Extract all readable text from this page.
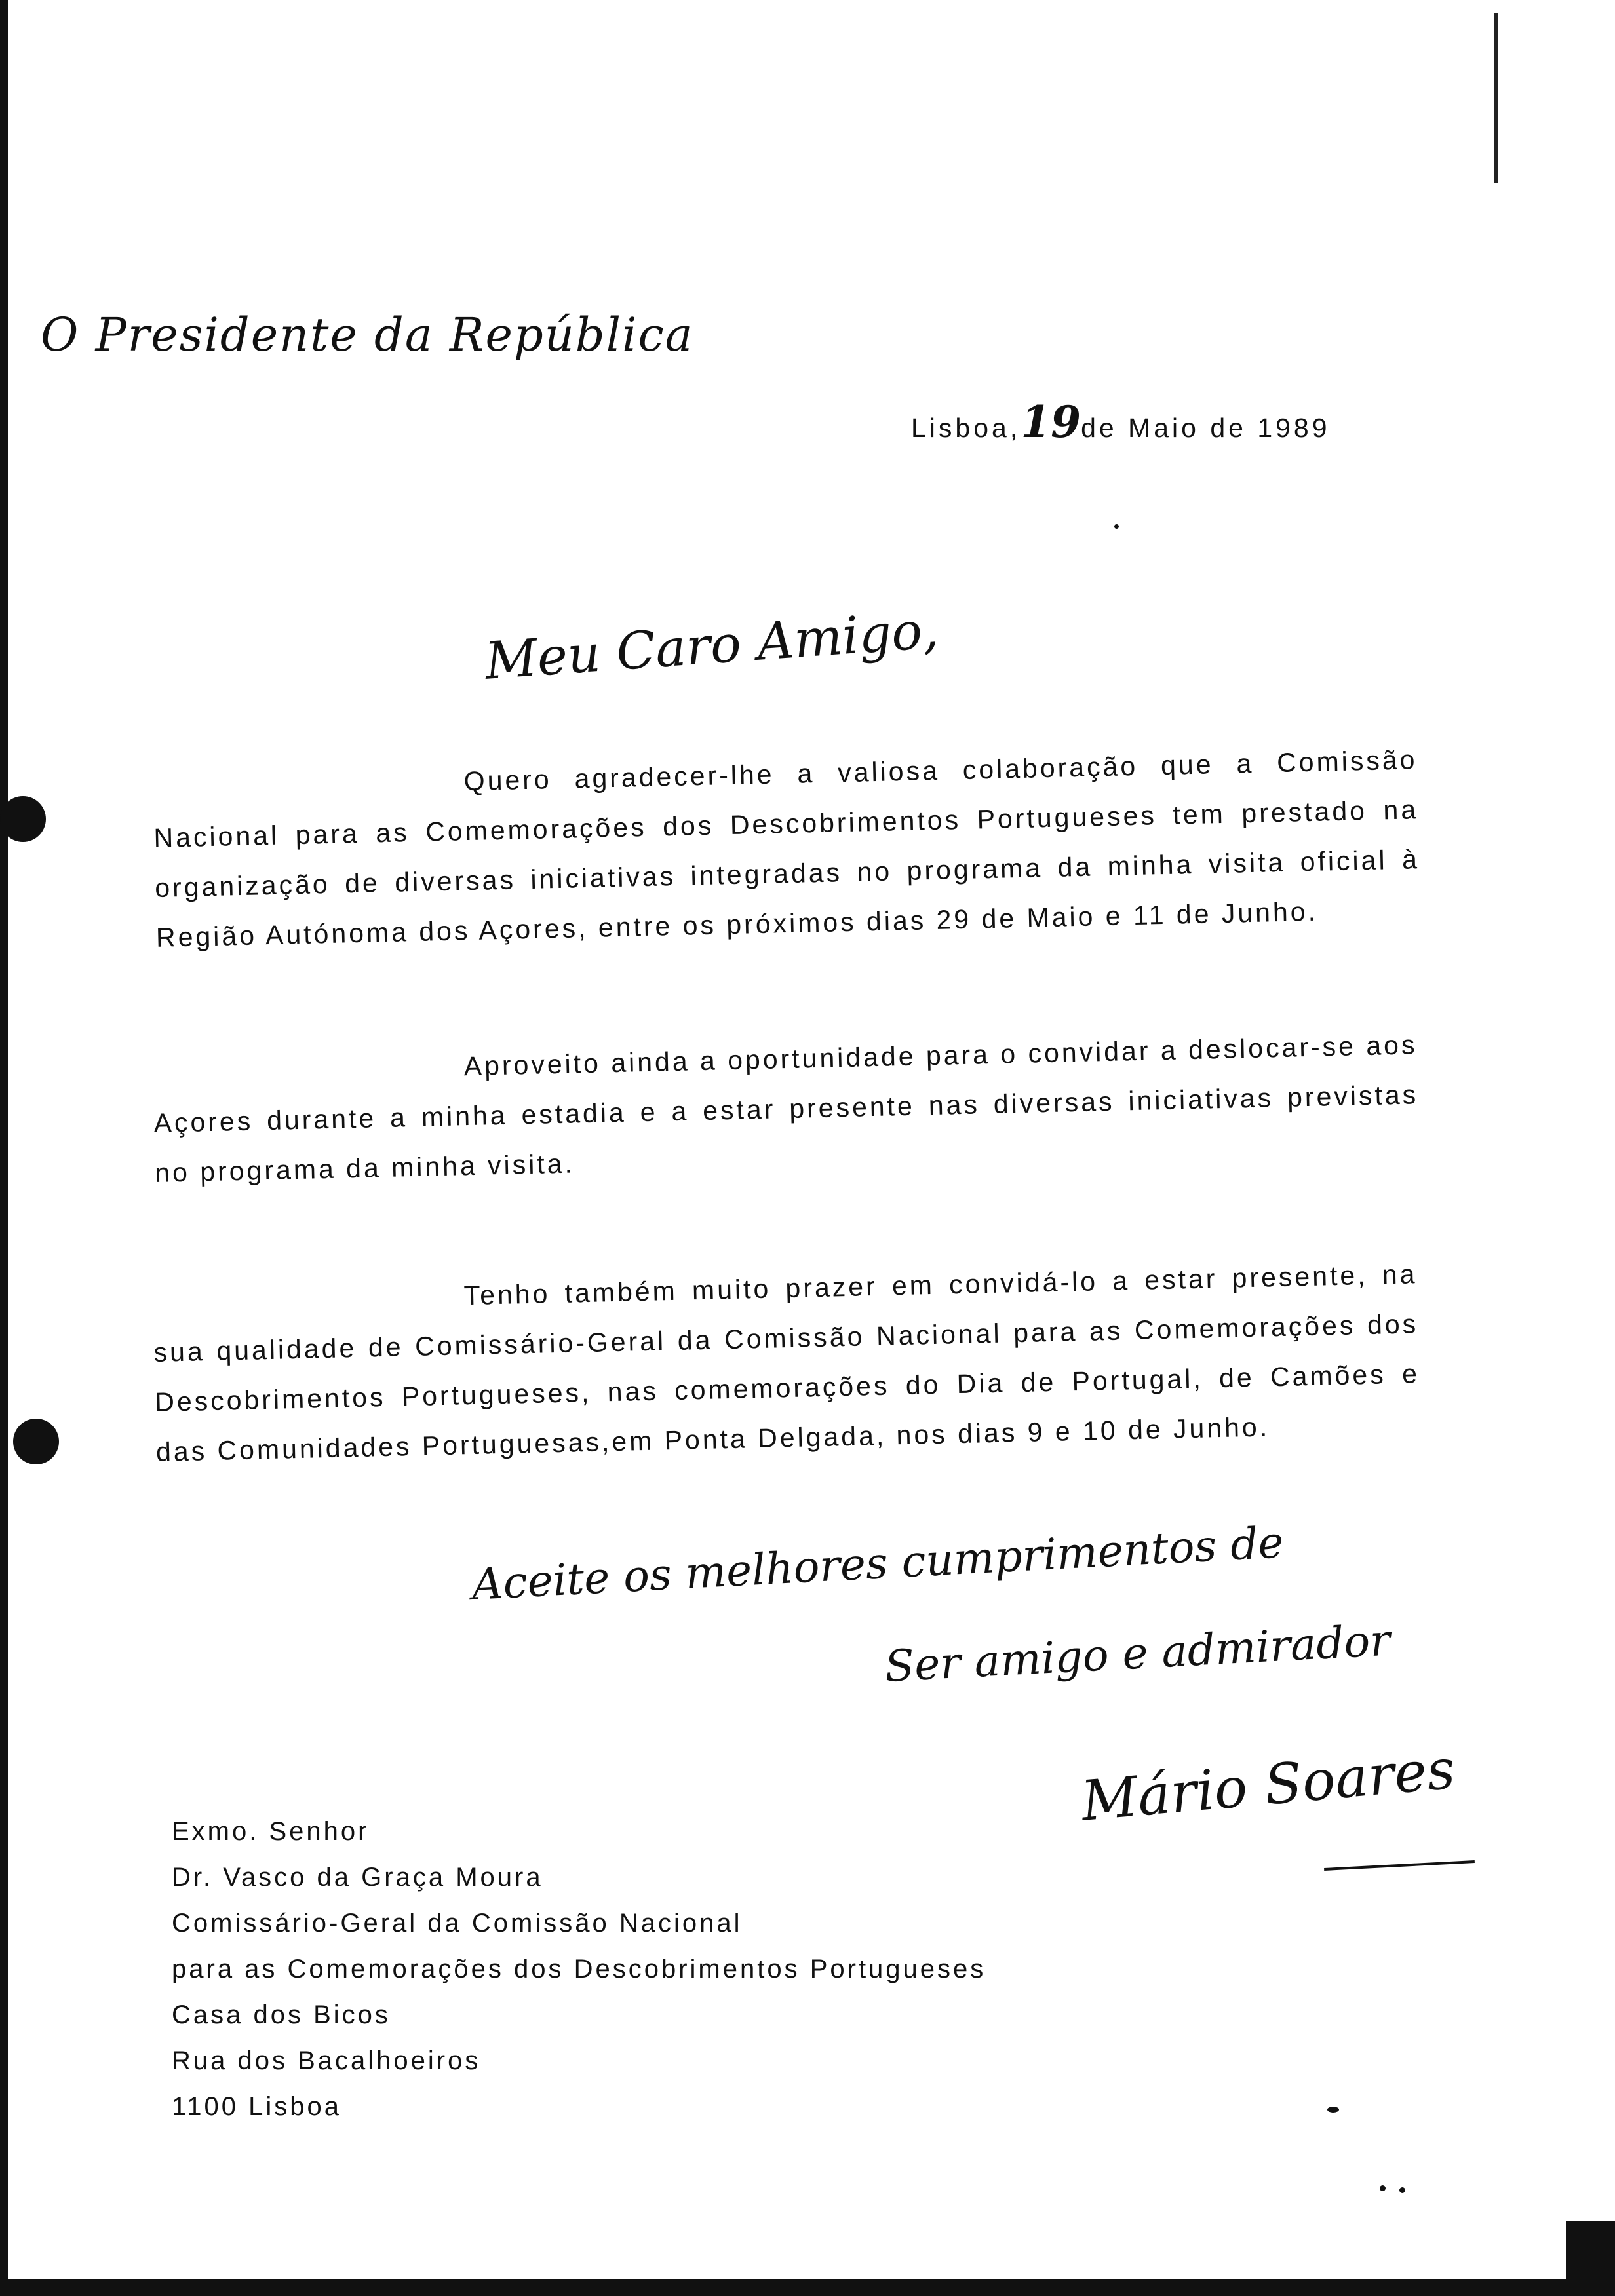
O Presidente da República
Lisboa,19de Maio de 1989
Meu Caro Amigo,

Quero agradecer-lhe a valiosa colaboração que a Comissão Nacional para as Comemorações dos Descobrimentos Portugueses tem prestado na organização de diversas iniciativas integradas no programa da minha visita oficial à Região Autónoma dos Açores, entre os próximos dias 29 de Maio e 11 de Junho.

Aproveito ainda a oportunidade para o convidar a deslocar-se aos Açores durante a minha estadia e a estar presente nas diversas iniciativas previstas no programa da minha visita.

Tenho também muito prazer em convidá-lo a estar presente, na sua qualidade de Comissário-Geral da Comissão Nacional para as Comemorações dos Descobrimentos Portugueses, nas comemorações do Dia de Portugal, de Camões e das Comunidades Portuguesas,em Ponta Delgada, nos dias 9 e 10 de Junho.

Aceite os melhores cumprimentos de
Ser amigo e admirador
Mário Soares
Exmo. Senhor
Dr. Vasco da Graça Moura
Comissário-Geral da Comissão Nacional
para as Comemorações dos Descobrimentos Portugueses
Casa dos Bicos
Rua dos Bacalhoeiros
1100 Lisboa
